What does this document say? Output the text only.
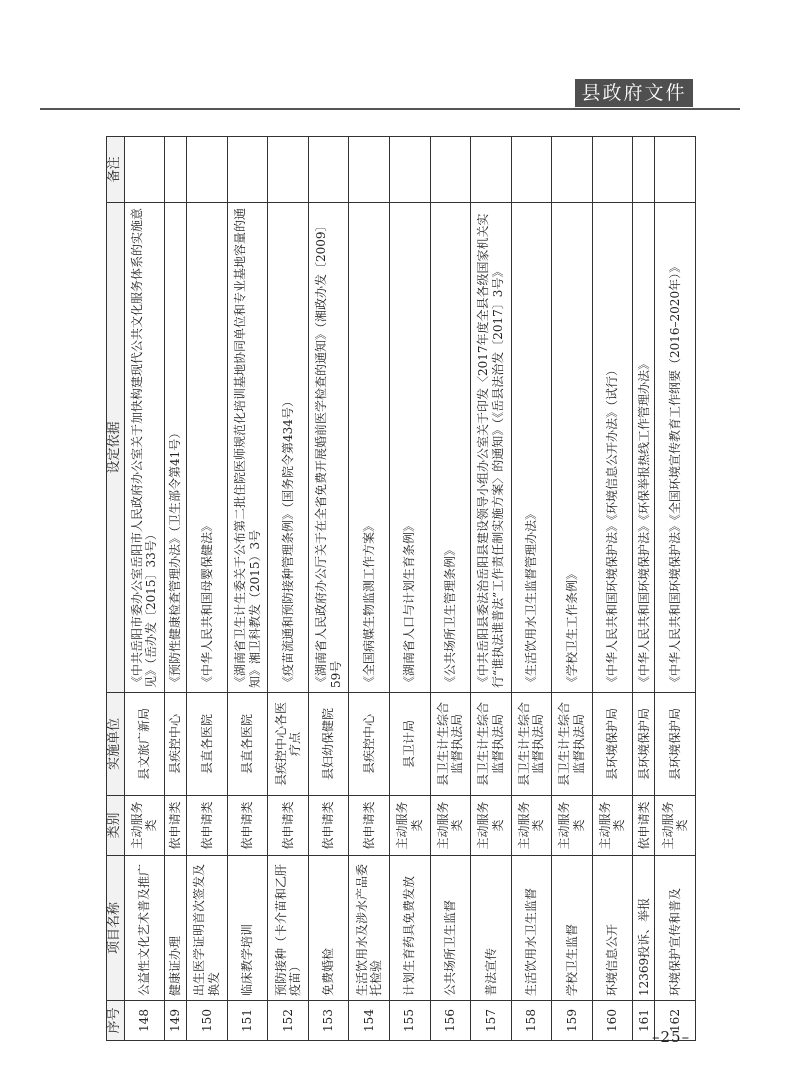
县政府文件
序号	项目名称	类别	实施单位	设定依据	备注
148	公益性文化艺术普及推广	主动服务类	县文旅广新局	《中共岳阳市委办公室岳阳市人民政府办公室关于加快构建现代公共文化服务体系的实施意见》（岳办发〔2015〕33号）	
149	健康证办理	依申请类	县疾控中心	《预防性健康检查管理办法》（卫生部令第41号）	
150	出生医学证明首次签发及换发	依申请类	县直各医院	《中华人民共和国母婴保健法》	
151	临床教学培训	依申请类	县直各医院	《湖南省卫生计生委关于公布第二批住院医师规范化培训基地协同单位和专业基地容量的通知》湘卫科教发（2015）3号	
152	预防接种（卡介苗和乙肝疫苗）	依申请类	县疾控中心各医疗点	《疫苗流通和预防接种管理条例》（国务院令第434号）	
153	免费婚检	依申请类	县妇幼保健院	《湖南省人民政府办公厅关于在全省免费开展婚前医学检查的通知》（湘政办发〔2009〕59号	
154	生活饮用水及涉水产品委托检验	依申请类	县疾控中心	《全国病媒生物监测工作方案》	
155	计划生育药具免费发放	主动服务类	县卫计局	《湖南省人口与计划生育条例》	
156	公共场所卫生监督	主动服务类	县卫生计生综合监督执法局	《公共场所卫生管理条例》	
157	普法宣传	主动服务类	县卫生计生综合监督执法局	《中共岳阳县委法治岳阳县建设领导小组办公室关于印发〈2017年度全县各级国家机关实行“谁执法谁普法”工作责任制实施方案〉的通知》（《岳县法治发〔2017〕3号》	
158	生活饮用水卫生监督	主动服务类	县卫生计生综合监督执法局	《生活饮用水卫生监督管理办法》	
159	学校卫生监督	主动服务类	县卫生计生综合监督执法局	《学校卫生工作条例》	
160	环境信息公开	主动服务类	县环境保护局	《中华人民共和国环境保护法》《环境信息公开办法》（试行）	
161	12369投诉、举报	依申请类	县环境保护局	《中华人民共和国环境保护法》《环保举报热线工作管理办法》	
162	环境保护宣传和普及	主动服务类	县环境保护局	《中华人民共和国环境保护法》《全国环境宣传教育工作纲要（2016–2020年）》	
–25–
